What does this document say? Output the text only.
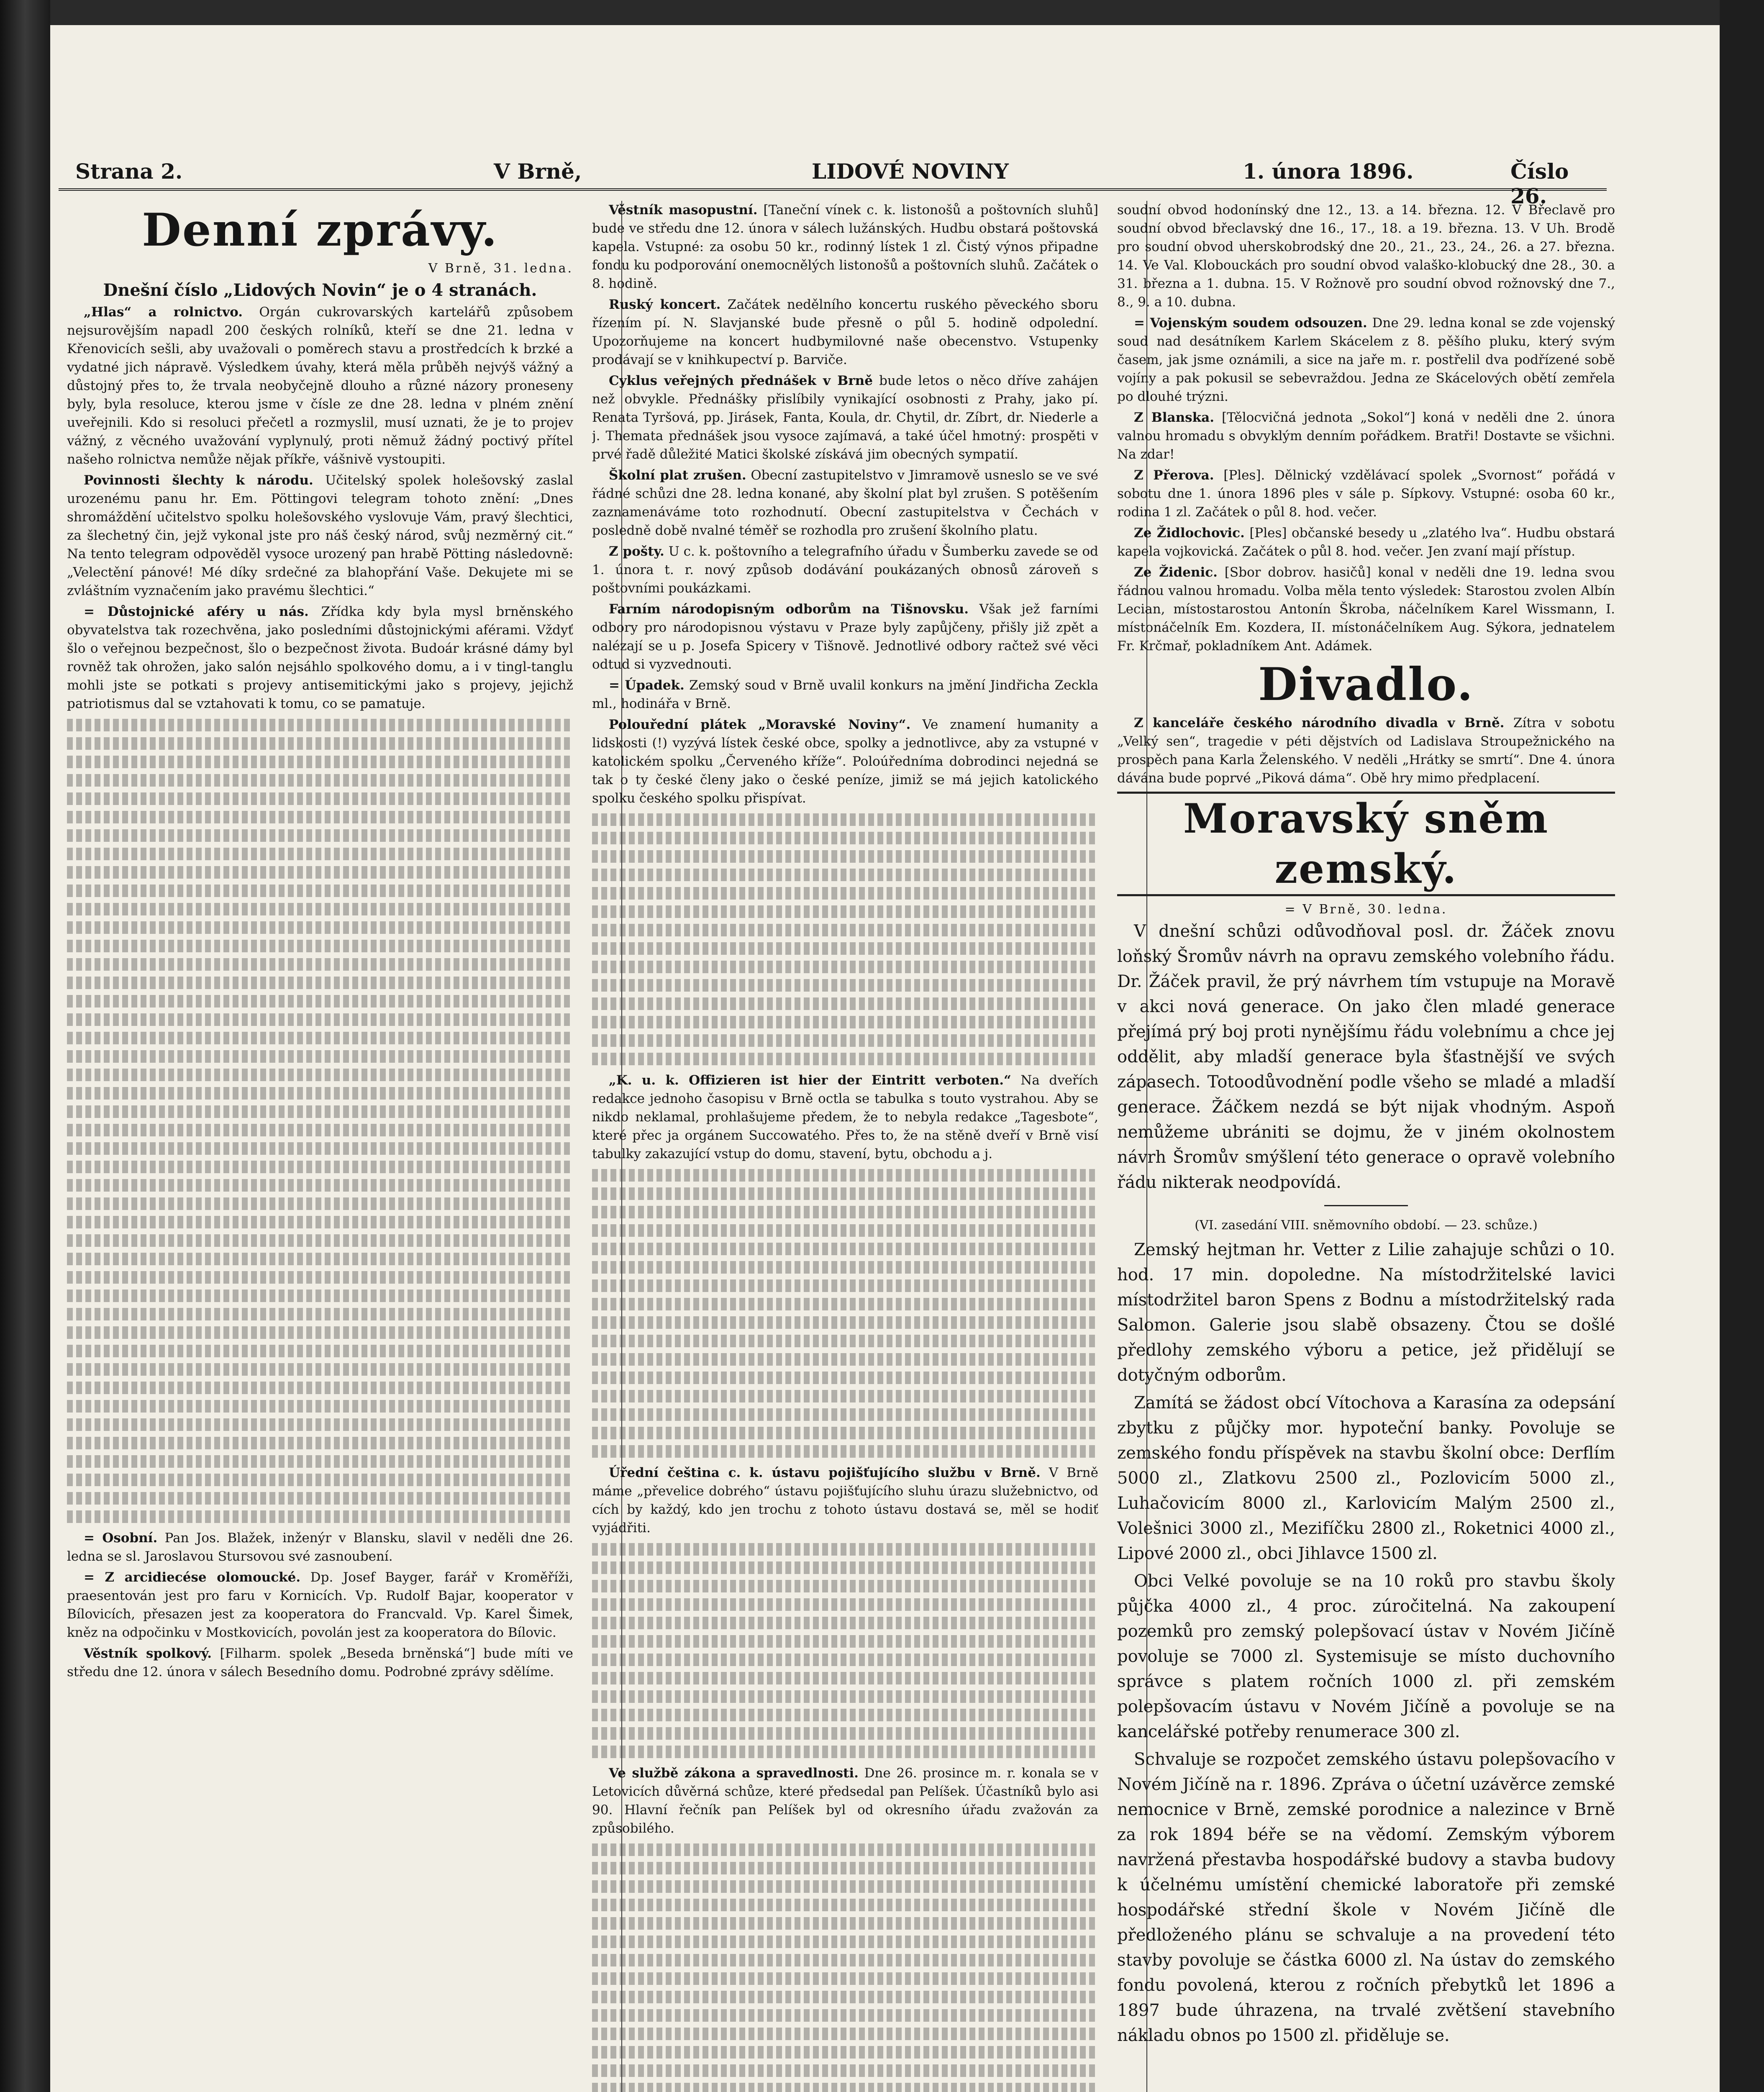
Strana 2.	V Brně,	LIDOVÉ NOVINY	1. února 1896.	Číslo 26.
Denní zprávy.
V Brně, 31. ledna.
Dnešní číslo „Lidových Novin“ je o 4 stranách.

„Hlas“ a rolnictvo. Orgán cukrovarských kartelářů způsobem nejsurovějším napadl 200 českých rolníků, kteří se dne 21. ledna v Křenovicích sešli, aby uvažovali o poměrech stavu a prostředcích k brzké a vydatné jich nápravě. Výsledkem úvahy, která měla průběh nejvýš vážný a důstojný přes to, že trvala neobyčejně dlouho a různé názory proneseny byly, byla resoluce, kterou jsme v čísle ze dne 28. ledna v plném znění uveřejnili. Kdo si resoluci přečetl a rozmyslil, musí uznati, že je to projev vážný, z věcného uvažování vyplynulý, proti němuž žádný poctivý přítel našeho rolnictva nemůže nějak příkře, vášnivě vystoupiti.

Povinnosti šlechty k národu. Učitelský spolek holešovský zaslal urozenému panu hr. Em. Pöttingovi telegram tohoto znění: „Dnes shromáždění učitelstvo spolku holešovského vyslovuje Vám, pravý šlechtici, za šlechetný čin, jejž vykonal jste pro náš český národ, svůj nezměrný cit.“ Na tento telegram odpověděl vysoce urozený pan hrabě Pötting následovně: „Velectění pánové! Mé díky srdečné za blahopřání Vaše. Dekujete mi se zvláštním vyznačením jako pravému šlechtici.“

= Důstojnické aféry u nás. Zřídka kdy byla mysl brněnského obyvatelstva tak rozechvěna, jako posledními důstojnickými aférami. Vždyť šlo o veřejnou bezpečnost, šlo o bezpečnost života. Budoár krásné dámy byl rovněž tak ohrožen, jako salón nejsáhlo spolkového domu, a i v tingl-tanglu mohli jste se potkati s projevy antisemitickými jako s projevy, jejichž patriotismus dal se vztahovati k tomu, co se pamatuje.

= Osobní. Pan Jos. Blažek, inženýr v Blansku, slavil v neděli dne 26. ledna se sl. Jaroslavou Stursovou své zasnoubení.

= Z arcidiecése olomoucké. Dp. Josef Bayger, farář v Kroměříži, praesentován jest pro faru v Kornicích. Vp. Rudolf Bajar, kooperator v Bílovicích, přesazen jest za kooperatora do Francvald. Vp. Karel Šimek, kněz na odpočinku v Mostkovicích, povolán jest za kooperatora do Bílovic.

Věstník spolkový. [Filharm. spolek „Beseda brněnská“] bude míti ve středu dne 12. února v sálech Besedního domu. Podrobné zprávy sdělíme.

Věstník masopustní. [Taneční vínek c. k. listonošů a poštovních sluhů] bude ve středu dne 12. února v sálech lužánských. Hudbu obstará poštovská kapela. Vstupné: za osobu 50 kr., rodinný lístek 1 zl. Čistý výnos připadne fondu ku podporování onemocnělých listonošů a poštovních sluhů. Začátek o 8. hodině.

Ruský koncert. Začátek nedělního koncertu ruského pěveckého sboru řízením pí. N. Slavjanské bude přesně o půl 5. hodině odpolední. Upozorňujeme na koncert hudbymilovné naše obecenstvo. Vstupenky prodávají se v knihkupectví p. Barviče.

Cyklus veřejných přednášek v Brně bude letos o něco dříve zahájen než obvykle. Přednášky přislíbily vynikající osobnosti z Prahy, jako pí. Renata Tyršová, pp. Jirásek, Fanta, Koula, dr. Chytil, dr. Zíbrt, dr. Niederle a j. Themata přednášek jsou vysoce zajímavá, a také účel hmotný: prospěti v prvé řadě důležité Matici školské získává jim obecných sympatií.

Školní plat zrušen. Obecní zastupitelstvo v Jimramově usneslo se ve své řádné schůzi dne 28. ledna konané, aby školní plat byl zrušen. S potěšením zaznamenáváme toto rozhodnutí. Obecní zastupitelstva v Čechách v posledně době nvalné téměř se rozhodla pro zrušení školního platu.

Z pošty. U c. k. poštovního a telegrafního úřadu v Šumberku zavede se od 1. února t. r. nový způsob dodávání poukázaných obnosů zároveň s poštovními poukázkami.

Farním národopisným odborům na Tišnovsku. Však jež farními odbory pro národopisnou výstavu v Praze byly zapůjčeny, přišly již zpět a nalézají se u p. Josefa Spicery v Tišnově. Jednotlivé odbory račtež své věci odtud si vyzvednouti.

= Úpadek. Zemský soud v Brně uvalil konkurs na jmění Jindřicha Zeckla ml., hodinářa v Brně.

Polouřední plátek „Moravské Noviny“. Ve znamení humanity a lidskosti (!) vyzývá lístek české obce, spolky a jednotlivce, aby za vstupné v katolickém spolku „Červeného kříže“. Poloúředníma dobrodinci nejedná se tak o ty české členy jako o české peníze, jimiž se má jejich katolického spolku českého spolku přispívat.

„K. u. k. Offizieren ist hier der Eintritt verboten.“ Na dveřích redakce jednoho časopisu v Brně octla se tabulka s touto vystrahou. Aby se nikdo neklamal, prohlašujeme předem, že to nebyla redakce „Tagesbote“, které přec ja orgánem Succowatého. Přes to, že na stěně dveří v Brně visí tabulky zakazující vstup do domu, stavení, bytu, obchodu a j.

Úřední čeština c. k. ústavu pojišťujícího službu v Brně. V Brně máme „převelice dobrého“ ústavu pojišťujícího sluhu úrazu služebnictvo, od cích by každý, kdo jen trochu z tohoto ústavu dostavá se, měl se hodiť vyjádřiti.

Ve službě zákona a spravedlnosti. Dne 26. prosince m. r. konala se v Letovicích důvěrná schůze, které předsedal pan Pelíšek. Účastníků bylo asi 90. Hlavní řečník pan Pelíšek byl od okresního úřadu zvažován za způsobilého.

soudní obvod hodonínský dne 12., 13. a 14. března. 12. V Břeclavě pro soudní obvod břeclavský dne 16., 17., 18. a 19. března. 13. V Uh. Brodě pro soudní obvod uherskobrodský dne 20., 21., 23., 24., 26. a 27. března. 14. Ve Val. Klobouckách pro soudní obvod valaško-klobucký dne 28., 30. a 31. března a 1. dubna. 15. V Rožnově pro soudní obvod rožnovský dne 7., 8., 9. a 10. dubna.

= Vojenským soudem odsouzen. Dne 29. ledna konal se zde vojenský soud nad desátníkem Karlem Skácelem z 8. pěšího pluku, který svým časem, jak jsme oznámili, a sice na jaře m. r. postřelil dva podřízené sobě vojíny a pak pokusil se sebevraždou. Jedna ze Skácelových obětí zemřela po dlouhé trýzni.

Z Blanska. [Tělocvičná jednota „Sokol“] koná v neděli dne 2. února valnou hromadu s obvyklým denním pořádkem. Bratři! Dostavte se všichni. Na zdar!

Z Přerova. [Ples]. Dělnický vzdělávací spolek „Svornost“ pořádá v sobotu dne 1. února 1896 ples v sále p. Sípkovy. Vstupné: osoba 60 kr., rodina 1 zl. Začátek o půl 8. hod. večer.

Ze Židlochovic. [Ples] občanské besedy u „zlatého lva“. Hudbu obstará kapela vojkovická. Začátek o půl 8. hod. večer. Jen zvaní mají přístup.

Ze Židenic. [Sbor dobrov. hasičů] konal v neděli dne 19. ledna svou řádnou valnou hromadu. Volba měla tento výsledek: Starostou zvolen Albín Lecian, místostarostou Antonín Škroba, náčelníkem Karel Wissmann, I. místonáčelník Em. Kozdera, II. místonáčelníkem Aug. Sýkora, jednatelem Fr. Krčmař, pokladníkem Ant. Adámek.

Divadlo.

Z kanceláře českého národního divadla v Brně. Zítra v sobotu „Velký sen“, tragedie v péti dějstvích od Ladislava Stroupežnického na prospěch pana Karla Želenského. V neděli „Hrátky se smrtí“. Dne 4. února dávána bude poprvé „Piková dáma“. Obě hry mimo předplacení.

Moravský sněm zemský.
= V Brně, 30. ledna.

V dnešní schůzi odůvodňoval posl. dr. Žáček znovu loňský Šromův návrh na opravu zemského volebního řádu. Dr. Žáček pravil, že prý návrhem tím vstupuje na Moravě v akci nová generace. On jako člen mladé generace přejímá prý boj proti nynějšímu řádu volebnímu a chce jej oddělit, aby mladší generace byla šťastnější ve svých zápasech. Totoodůvodnění podle všeho se mladé a mladší generace. Žáčkem nezdá se být nijak vhodným. Aspoň nemůžeme ubrániti se dojmu, že v jiném okolnostem návrh Šromův smýšlení této generace o opravě volebního řádu nikterak neodpovídá.

(VI. zasedání VIII. sněmovního období. — 23. schůze.)

Zemský hejtman hr. Vetter z Lilie zahajuje schůzi o 10. hod. 17 min. dopoledne. Na místodržitelské lavici místodržitel baron Spens z Bodnu a místodržitelský rada Salomon. Galerie jsou slabě obsazeny. Čtou se došlé předlohy zemského výboru a petice, jež přidělují se dotyčným odborům.

Zamítá se žádost obcí Vítochova a Karasína za odepsání zbytku z půjčky mor. hypoteční banky. Povoluje se zemského fondu příspěvek na stavbu školní obce: Derflím 5000 zl., Zlatkovu 2500 zl., Pozlovicím 5000 zl., Luhačovicím 8000 zl., Karlovicím Malým 2500 zl., Volešnici 3000 zl., Mezifíčku 2800 zl., Roketnici 4000 zl., Lipové 2000 zl., obci Jihlavce 1500 zl.

Obci Velké povoluje se na 10 roků pro stavbu školy půjčka 4000 zl., 4 proc. zúročitelná. Na zakoupení pozemků pro zemský polepšovací ústav v Novém Jičíně povoluje se 7000 zl. Systemisuje se místo duchovního správce s platem ročních 1000 zl. při zemském polepšovacím ústavu v Novém Jičíně a povoluje se na kancelářské potřeby renumerace 300 zl.

Schvaluje se rozpočet zemského ústavu polepšovacího v Novém Jičíně na r. 1896. Zpráva o účetní uzávěrce zemské nemocnice v Brně, zemské porodnice a nalezince v Brně za rok 1894 béře se na vědomí. Zemským výborem navržená přestavba hospodářské budovy a stavba budovy k účelnému umístění chemické laboratoře při zemské hospodářské střední škole v Novém Jičíně dle předloženého plánu se schvaluje a na provedení této stavby povoluje se částka 6000 zl. Na ústav do zemského fondu povolená, kterou z ročních přebytků let 1896 a 1897 bude úhrazena, na trvalé zvětšení stavebního nákladu obnos po 1500 zl. přiděluje se.
